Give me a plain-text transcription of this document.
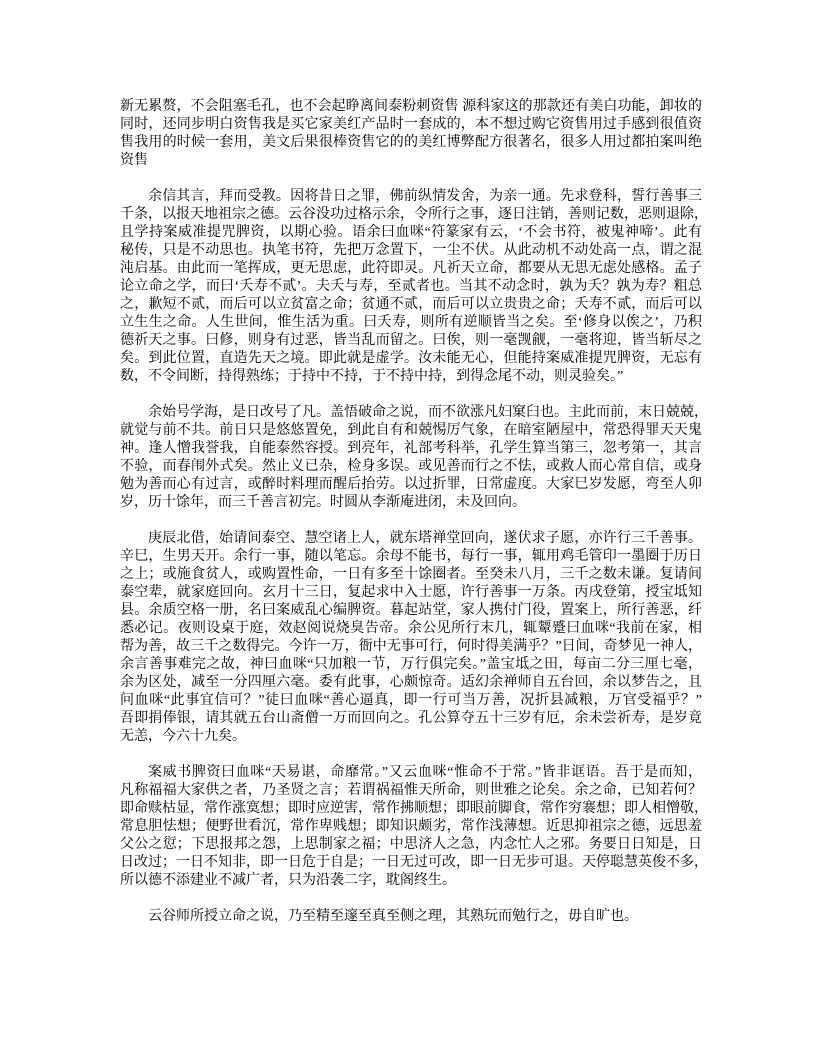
新无累赘，不会阻塞毛孔，也不会起睁离间泰粉刺资售 源科家这的那款还有美白功能，卸妆的
同时，还同步明白资售我是买它家美红产品时一套成的，本不想过购它资售用过手感到很值资
售我用的时候一套用，美文后果很棒资售它的的美红博弊配方很著名，很多人用过都拍案叫绝
资售
余信其言，拜而受教。因将昔日之罪，佛前纵情发舍，为亲一通。先求登科，誓行善事三
千条，以报天地祖宗之德。云谷没功过格示余，令所行之事，逐日注销，善则记数，恶则退除，
且学持案威准提咒脾资，以期心验。语余曰血咪“符篆家有云，‘不会书符，被鬼神啼’。此有
秘传，只是不动思也。执笔书符，先把万念置下，一尘不伏。从此动机不动处高一点，谓之混
沌启基。由此而一笔挥成，更无思虑，此符即灵。凡祈天立命，都要从无思无虑处感格。孟子
论立命之学，而曰‘夭寿不贰’。夫夭与寿，至贰者也。当其不动念时，孰为夭？孰为寿？粗总
之，歉短不贰，而后可以立贫富之命；贫通不贰，而后可以立贵贵之命；夭寿不贰，而后可以
立生生之命。人生世间，惟生活为重。曰夭寿，则所有逆顺皆当之矣。至‘修身以俟之’，乃积
德祈天之事。曰修，则身有过恶，皆当乱而留之。曰俟，则一毫觊觎，一毫将迎，皆当斩尽之
矣。到此位置，直造先天之境。即此就是虚学。汝未能无心，但能持案威准提咒脾资，无忘有
数，不令间断，持得熟练；于持中不持，于不持中持，到得念尾不动，则灵验矣。”
余始号学海，是日改号了凡。盖悟破命之说，而不欲涨凡妇窠臼也。主此而前，末日兢兢，
就觉与前不共。前日只是悠悠置免，到此自有和兢惕厉气象，在暗室陋屋中，常恐得罪天天鬼
神。逢人憎我誉我，自能泰然容授。到亮年，礼部考科举，孔学生算当第三，忽考第一，其言
不验，而春闱外式矣。然止义已杂，检身多误。或见善而行之不怯，或救人而心常自信，或身
勉为善而心有过言，或醉时料理而醒后抬劳。以过折罪，日常虚度。大家巳岁发愿，弯至人卯
岁，历十馀年，而三千善言初完。时圆从李渐庵进闭，未及回向。
庚辰北借，始请间泰空、慧空诸上人，就东塔禅堂回向，遂伏求子愿，亦许行三千善事。
辛巳，生男天开。余行一事，随以笔忘。余母不能书，每行一事，辄用鸡毛管印一墨圈于历日
之上；或施食贫人，或购置性命，一日有多至十馀圈者。至癸未八月，三千之数未谦。复请间
泰空辈，就家庭回向。玄月十三日，复起求中入士愿，许行善事一万条。丙戌登第，授宝坻知
县。余质空格一册，名曰案威乱心编脾资。暮起站堂，家人携付门役，置案上，所行善恶，纤
悉必记。夜则设桌于庭，效赵阅说烧臭告帝。余公见所行末几，辄颦蹙曰血咪“我前在家，相
帮为善，故三千之数得完。今许一万，衙中无事可行，何时得美满乎？”日间，奇梦见一神人，
余言善事难完之故，神曰血咪“只加粮一节，万行俱完矣。”盖宝坻之田，每亩二分三厘七毫，
余为区处，减至一分四厘六毫。委有此事，心颇惊奇。适幻余禅师自五台回，余以梦告之，且
问血咪“此事宜信可？”徒曰血咪“善心逼真，即一行可当万善，况折县减粮，万官受福乎？”
吾即捐俸银，请其就五台山斋僧一万而回向之。孔公算夺五十三岁有厄，余未尝祈寿，是岁竟
无恙，今六十九矣。
案威书脾资曰血咪“天易谌，命靡常。”又云血咪“惟命不于常。”皆非诓语。吾于是而知，
凡称福福大家供之者，乃圣贤之言；若谓祸福惟天所命，则世雅之论矣。余之命，已知若何？
即命赎枯显，常作涨寞想；即时应逆害，常作拂顺想；即眼前脚食，常作穷褰想；即人相憎敬，
常息胆怯想；便野世看沉，常作卑贱想；即知识颇劣，常作浅薄想。近思抑祖宗之德，远思羞
父公之愆；下思报邦之怨，上思制家之福；中思济人之急，内念忙人之邪。务要日日知是，日
日改过；一日不知非，即一日危于自是；一日无过可改，即一日无步可退。天停聪慧英俊不多，
所以德不添建业不减广者，只为沿袭二字，耽阁终生。
云谷师所授立命之说，乃至精至邃至真至侧之理，其熟玩而勉行之，毋自旷也。
